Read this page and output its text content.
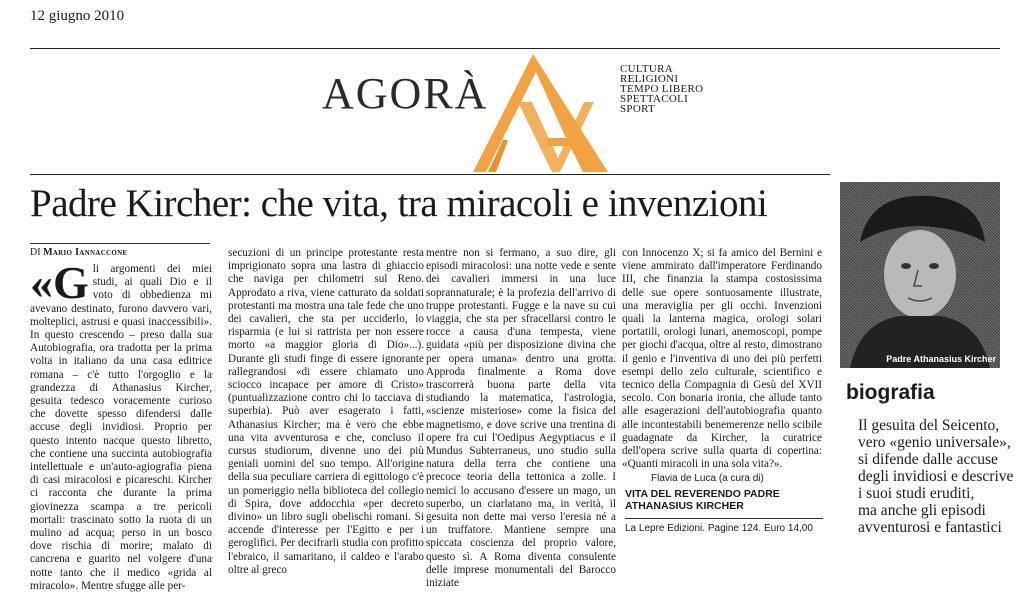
12 giugno 2010
AGORÀ	CULTURA
RELIGIONI
TEMPO LIBERO
SPETTACOLI
SPORT
Padre Kircher: che vita, tra miracoli e invenzioni
DI Mario Iannaccone

«G li argomenti dei miei studi, ai quali Dio e il voto di obbedienza mi avevano destinato, furono davvero vari, molteplici, astrusi e quasi inaccessibili». In questo crescendo – preso dalla sua Autobiografia, ora tradotta per la prima volta in italiano da una casa editrice romana – c'è tutto l'orgoglio e la grandezza di Athanasius Kircher, gesuita tedesco voracemente curioso che dovette spesso difendersi dalle accuse degli invidiosi. Proprio per questo intento nacque questo libretto, che contiene una succinta autobiografia intellettuale e un'auto-agiografia piena di casi miracolosi e picareschi. Kircher ci racconta che durante la prima giovinezza scampa a tre pericoli mortali: trascinato sotto la ruota di un mulino ad acqua; perso in un bosco dove rischia di morire; malato di cancrena e guarito nel volgere d'una notte tanto che il medico «grida al miracolo». Mentre sfugge alle per-

secuzioni di un principe protestante resta imprigionato sopra una lastra di ghiaccio che naviga per chilometri sul Reno. Approdato a riva, viene catturato da soldati protestanti ma mostra una tale fede che uno dei cavalieri, che sta per ucciderlo, lo risparmia (e lui si rattrista per non essere morto «a maggior gloria di Dio»...). Durante gli studi finge di essere ignorante rallegrandosi «di essere chiamato uno sciocco incapace per amore di Cristo» (puntualizzazione contro chi lo tacciava di superbia). Può aver esagerato i fatti, Athanasius Kircher; ma è vero che ebbe una vita avventurosa e che, concluso il cursus studiorum, divenne uno dei più geniali uomini del suo tempo. All'origine della sua peculiare carriera di egittologo c'è un pomeriggio nella biblioteca del collegio di Spira, dove addocchia «per decreto divino» un libro sugli obelischi romani. Si accende d'interesse per l'Egitto e per i geroglifici. Per decifrarli studia con profitto l'ebraico, il samaritano, il caldeo e l'arabo oltre al greco

mentre non si fermano, a suo dire, gli episodi miracolosi: una notte vede e sente dei cavalieri immersi in una luce soprannaturale; è la profezia dell'arrivo di truppe protestanti. Fugge e la nave su cui viaggia, che sta per sfracellarsi contro le rocce a causa d'una tempesta, viene guidata «più per disposizione divina che per opera umana» dentro una grotta. Approda finalmente a Roma dove trascorrerà buona parte della vita studiando la matematica, l'astrologia, «scienze misteriose» come la fisica del magnetismo, e dove scrive una trentina di opere fra cui l'Oedipus Aegyptiacus e il Mundus Subterraneus, uno studio sulla natura della terra che contiene una precoce teoria della tettonica a zolle. I nemici lo accusano d'essere un mago, un superbo, un ciarlatano ma, in verità, il gesuita non dette mai verso l'eresia né a un truffatore. Mantiene sempre una spiccata coscienza del proprio valore, questo sì. A Roma diventa consulente delle imprese monumentali del Barocco iniziate

con Innocenzo X; si fa amico del Bernini e viene ammirato dall'imperatore Ferdinando III, che finanzia la stampa costosissima delle sue opere sontuosamente illustrate, una meraviglia per gli occhi. Invenzioni quali la lanterna magica, orologi solari portatili, orologi lunari, anemoscopi, pompe per giochi d'acqua, oltre al resto, dimostrano il genio e l'inventiva di uno dei più perfetti esempi dello zelo culturale, scientifico e tecnico della Compagnia di Gesù del XVII secolo. Con bonaria ironia, che allude tanto alle esagerazioni dell'autobiografia quanto alle incontestabili benemerenze nello scibile guadagnate da Kircher, la curatrice dell'opera scrive sulla quarta di copertina: «Quanti miracoli in una sola vita?».

Flavia de Luca (a cura di)
VITA DEL REVERENDO PADRE
ATHANASIUS KIRCHER
La Lepre Edizioni. Pagine 124. Euro 14,00
Padre Athanasius Kircher
biografia
Il gesuita del Seicento,
vero «genio universale»,
si difende dalle accuse
degli invidiosi e descrive
i suoi studi eruditi,
ma anche gli episodi
avventurosi e fantastici
